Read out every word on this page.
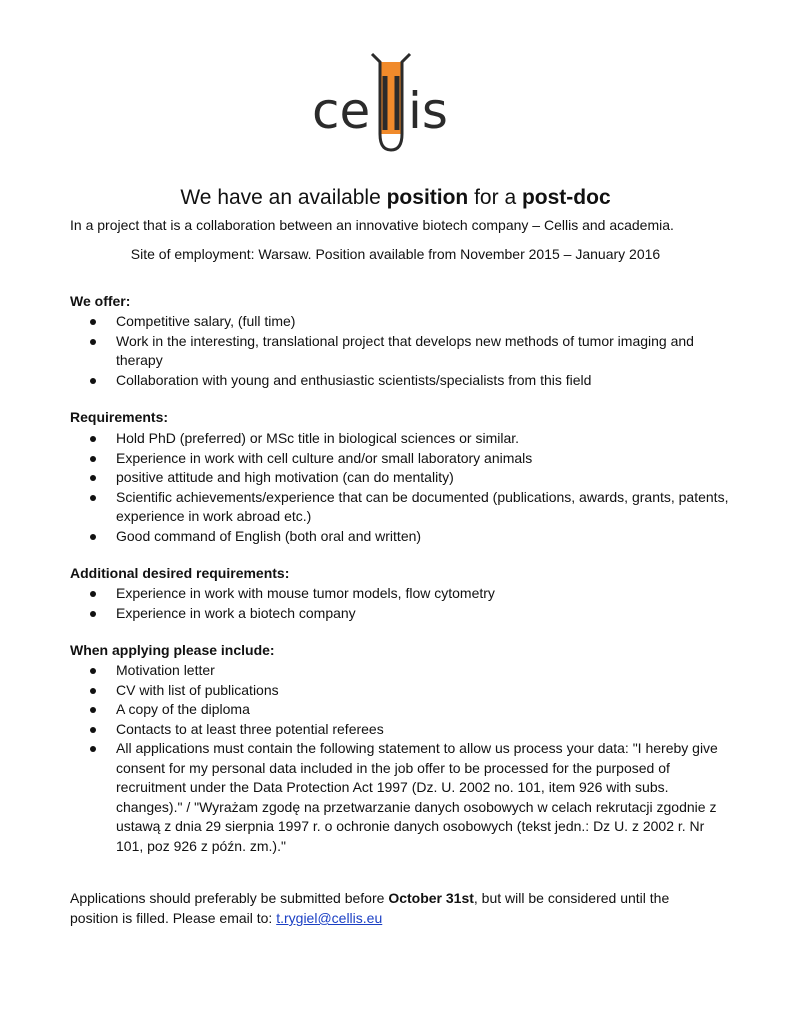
ce is
We have an available position for a post-doc
In a project that is a collaboration between an innovative biotech company – Cellis and academia.
Site of employment: Warsaw. Position available from November 2015 – January 2016
We offer:
Competitive salary, (full time)
Work in the interesting, translational project that develops new methods of tumor imaging and therapy
Collaboration with young and enthusiastic scientists/specialists from this field
Requirements:
Hold PhD (preferred) or MSc title in biological sciences or similar.
Experience in work with cell culture and/or small laboratory animals
positive attitude and high motivation (can do mentality)
Scientific achievements/experience that can be documented (publications, awards, grants, patents, experience in work abroad etc.)
Good command of English (both oral and written)
Additional desired requirements:
Experience in work with mouse tumor models, flow cytometry
Experience in work a biotech company
When applying please include:
Motivation letter
CV with list of publications
A copy of the diploma
Contacts to at least three potential referees
All applications must contain the following statement to allow us process your data: "I hereby give consent for my personal data included in the job offer to be processed for the purposed of recruitment under the Data Protection Act 1997 (Dz. U. 2002 no. 101, item 926 with subs. changes)." / "Wyrażam zgodę na przetwarzanie danych osobowych w celach rekrutacji zgodnie z ustawą z dnia 29 sierpnia 1997 r. o ochronie danych osobowych (tekst jedn.: Dz U. z 2002 r. Nr 101, poz 926 z późn. zm.)."
Applications should preferably be submitted before October 31st, but will be considered until the position is filled. Please email to: t.rygiel@cellis.eu
